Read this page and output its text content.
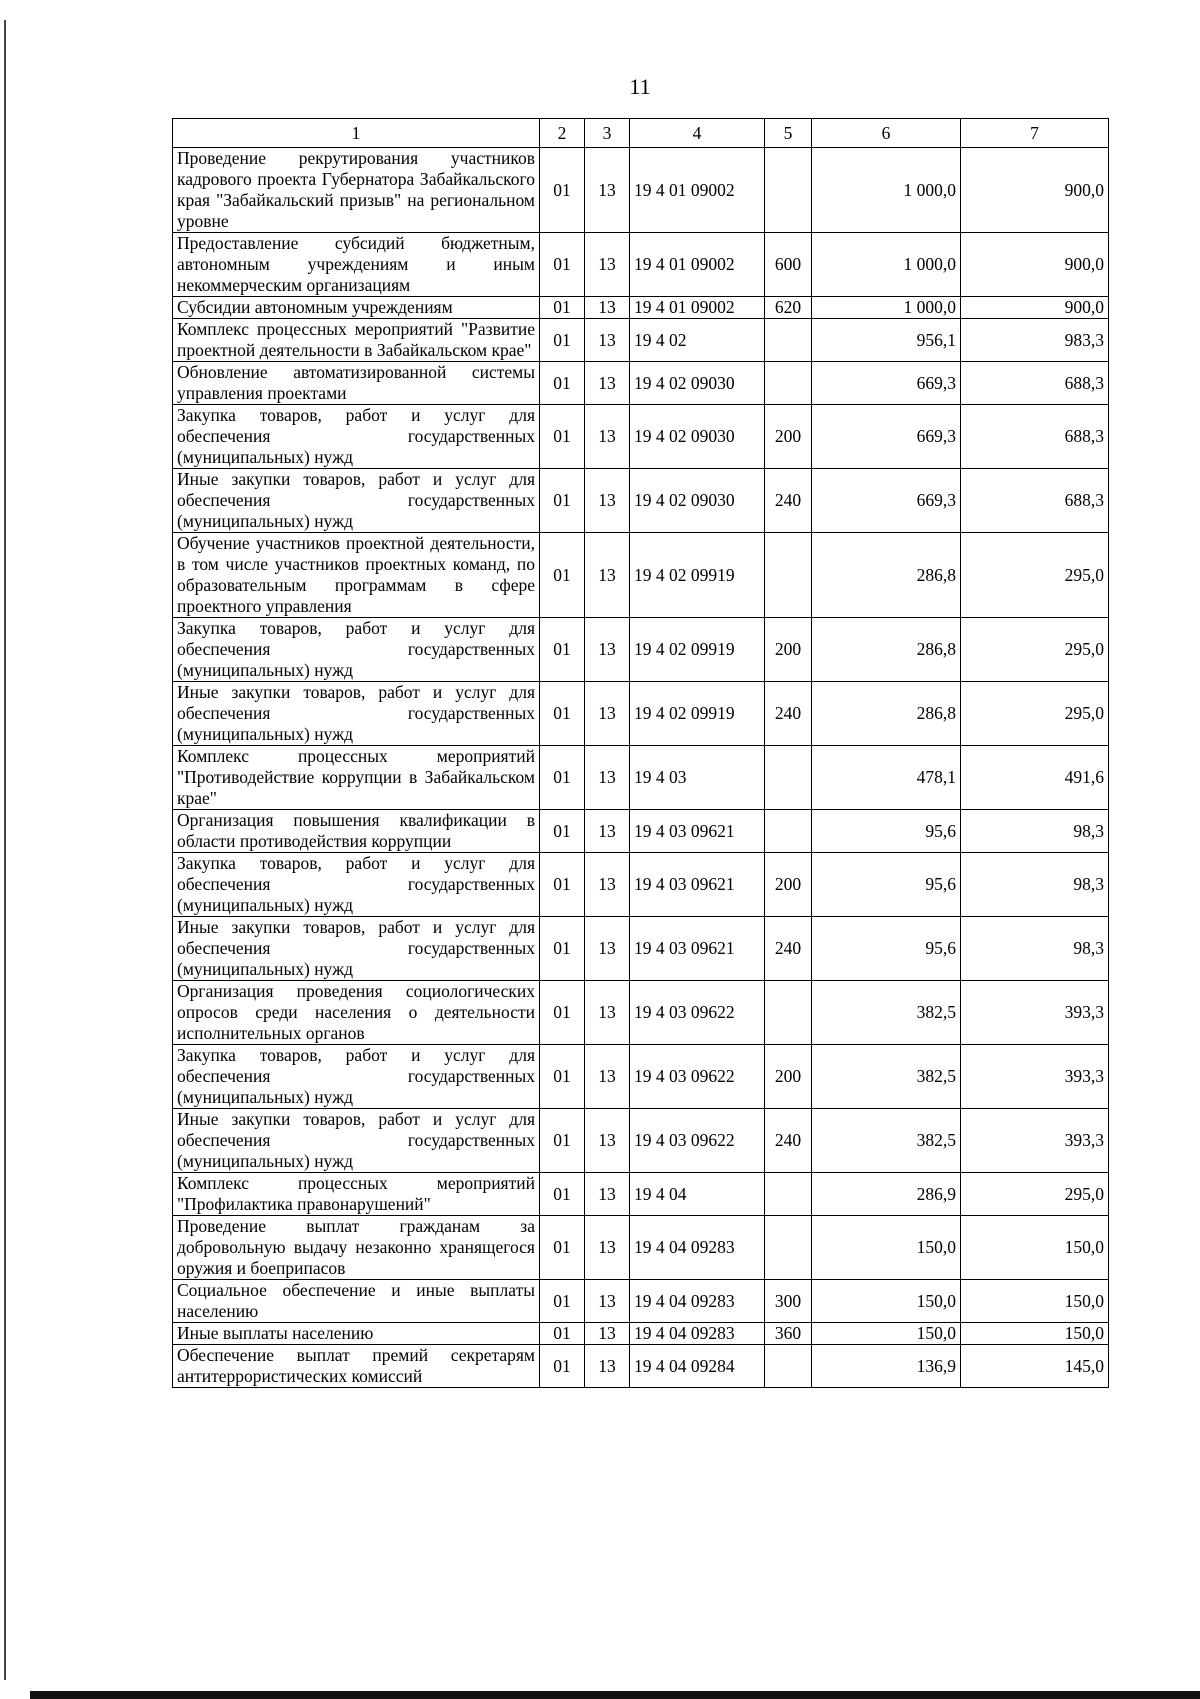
11
1	2	3	4	5	6	7
Проведение рекрутирования участников кадрового проекта Губернатора Забайкальского края "Забайкальский призыв" на региональном уровне	01	13	19 4 01 09002		1 000,0	900,0
Предоставление субсидий бюджетным, автономным учреждениям и иным некоммерческим организациям	01	13	19 4 01 09002	600	1 000,0	900,0
Субсидии автономным учреждениям	01	13	19 4 01 09002	620	1 000,0	900,0
Комплекс процессных мероприятий "Развитие проектной деятельности в Забайкальском крае"	01	13	19 4 02		956,1	983,3
Обновление автоматизированной системы управления проектами	01	13	19 4 02 09030		669,3	688,3
Закупка товаров, работ и услуг для обеспечения государственных (муниципальных) нужд	01	13	19 4 02 09030	200	669,3	688,3
Иные закупки товаров, работ и услуг для обеспечения государственных (муниципальных) нужд	01	13	19 4 02 09030	240	669,3	688,3
Обучение участников проектной деятельности, в том числе участников проектных команд, по образовательным программам в сфере проектного управления	01	13	19 4 02 09919		286,8	295,0
Закупка товаров, работ и услуг для обеспечения государственных (муниципальных) нужд	01	13	19 4 02 09919	200	286,8	295,0
Иные закупки товаров, работ и услуг для обеспечения государственных (муниципальных) нужд	01	13	19 4 02 09919	240	286,8	295,0
Комплекс процессных мероприятий "Противодействие коррупции в Забайкальском крае"	01	13	19 4 03		478,1	491,6
Организация повышения квалификации в области противодействия коррупции	01	13	19 4 03 09621		95,6	98,3
Закупка товаров, работ и услуг для обеспечения государственных (муниципальных) нужд	01	13	19 4 03 09621	200	95,6	98,3
Иные закупки товаров, работ и услуг для обеспечения государственных (муниципальных) нужд	01	13	19 4 03 09621	240	95,6	98,3
Организация проведения социологических опросов среди населения о деятельности исполнительных органов	01	13	19 4 03 09622		382,5	393,3
Закупка товаров, работ и услуг для обеспечения государственных (муниципальных) нужд	01	13	19 4 03 09622	200	382,5	393,3
Иные закупки товаров, работ и услуг для обеспечения государственных (муниципальных) нужд	01	13	19 4 03 09622	240	382,5	393,3
Комплекс процессных мероприятий "Профилактика правонарушений"	01	13	19 4 04		286,9	295,0
Проведение выплат гражданам за добровольную выдачу незаконно хранящегося оружия и боеприпасов	01	13	19 4 04 09283		150,0	150,0
Социальное обеспечение и иные выплаты населению	01	13	19 4 04 09283	300	150,0	150,0
Иные выплаты населению	01	13	19 4 04 09283	360	150,0	150,0
Обеспечение выплат премий секретарям антитеррористических комиссий	01	13	19 4 04 09284		136,9	145,0
